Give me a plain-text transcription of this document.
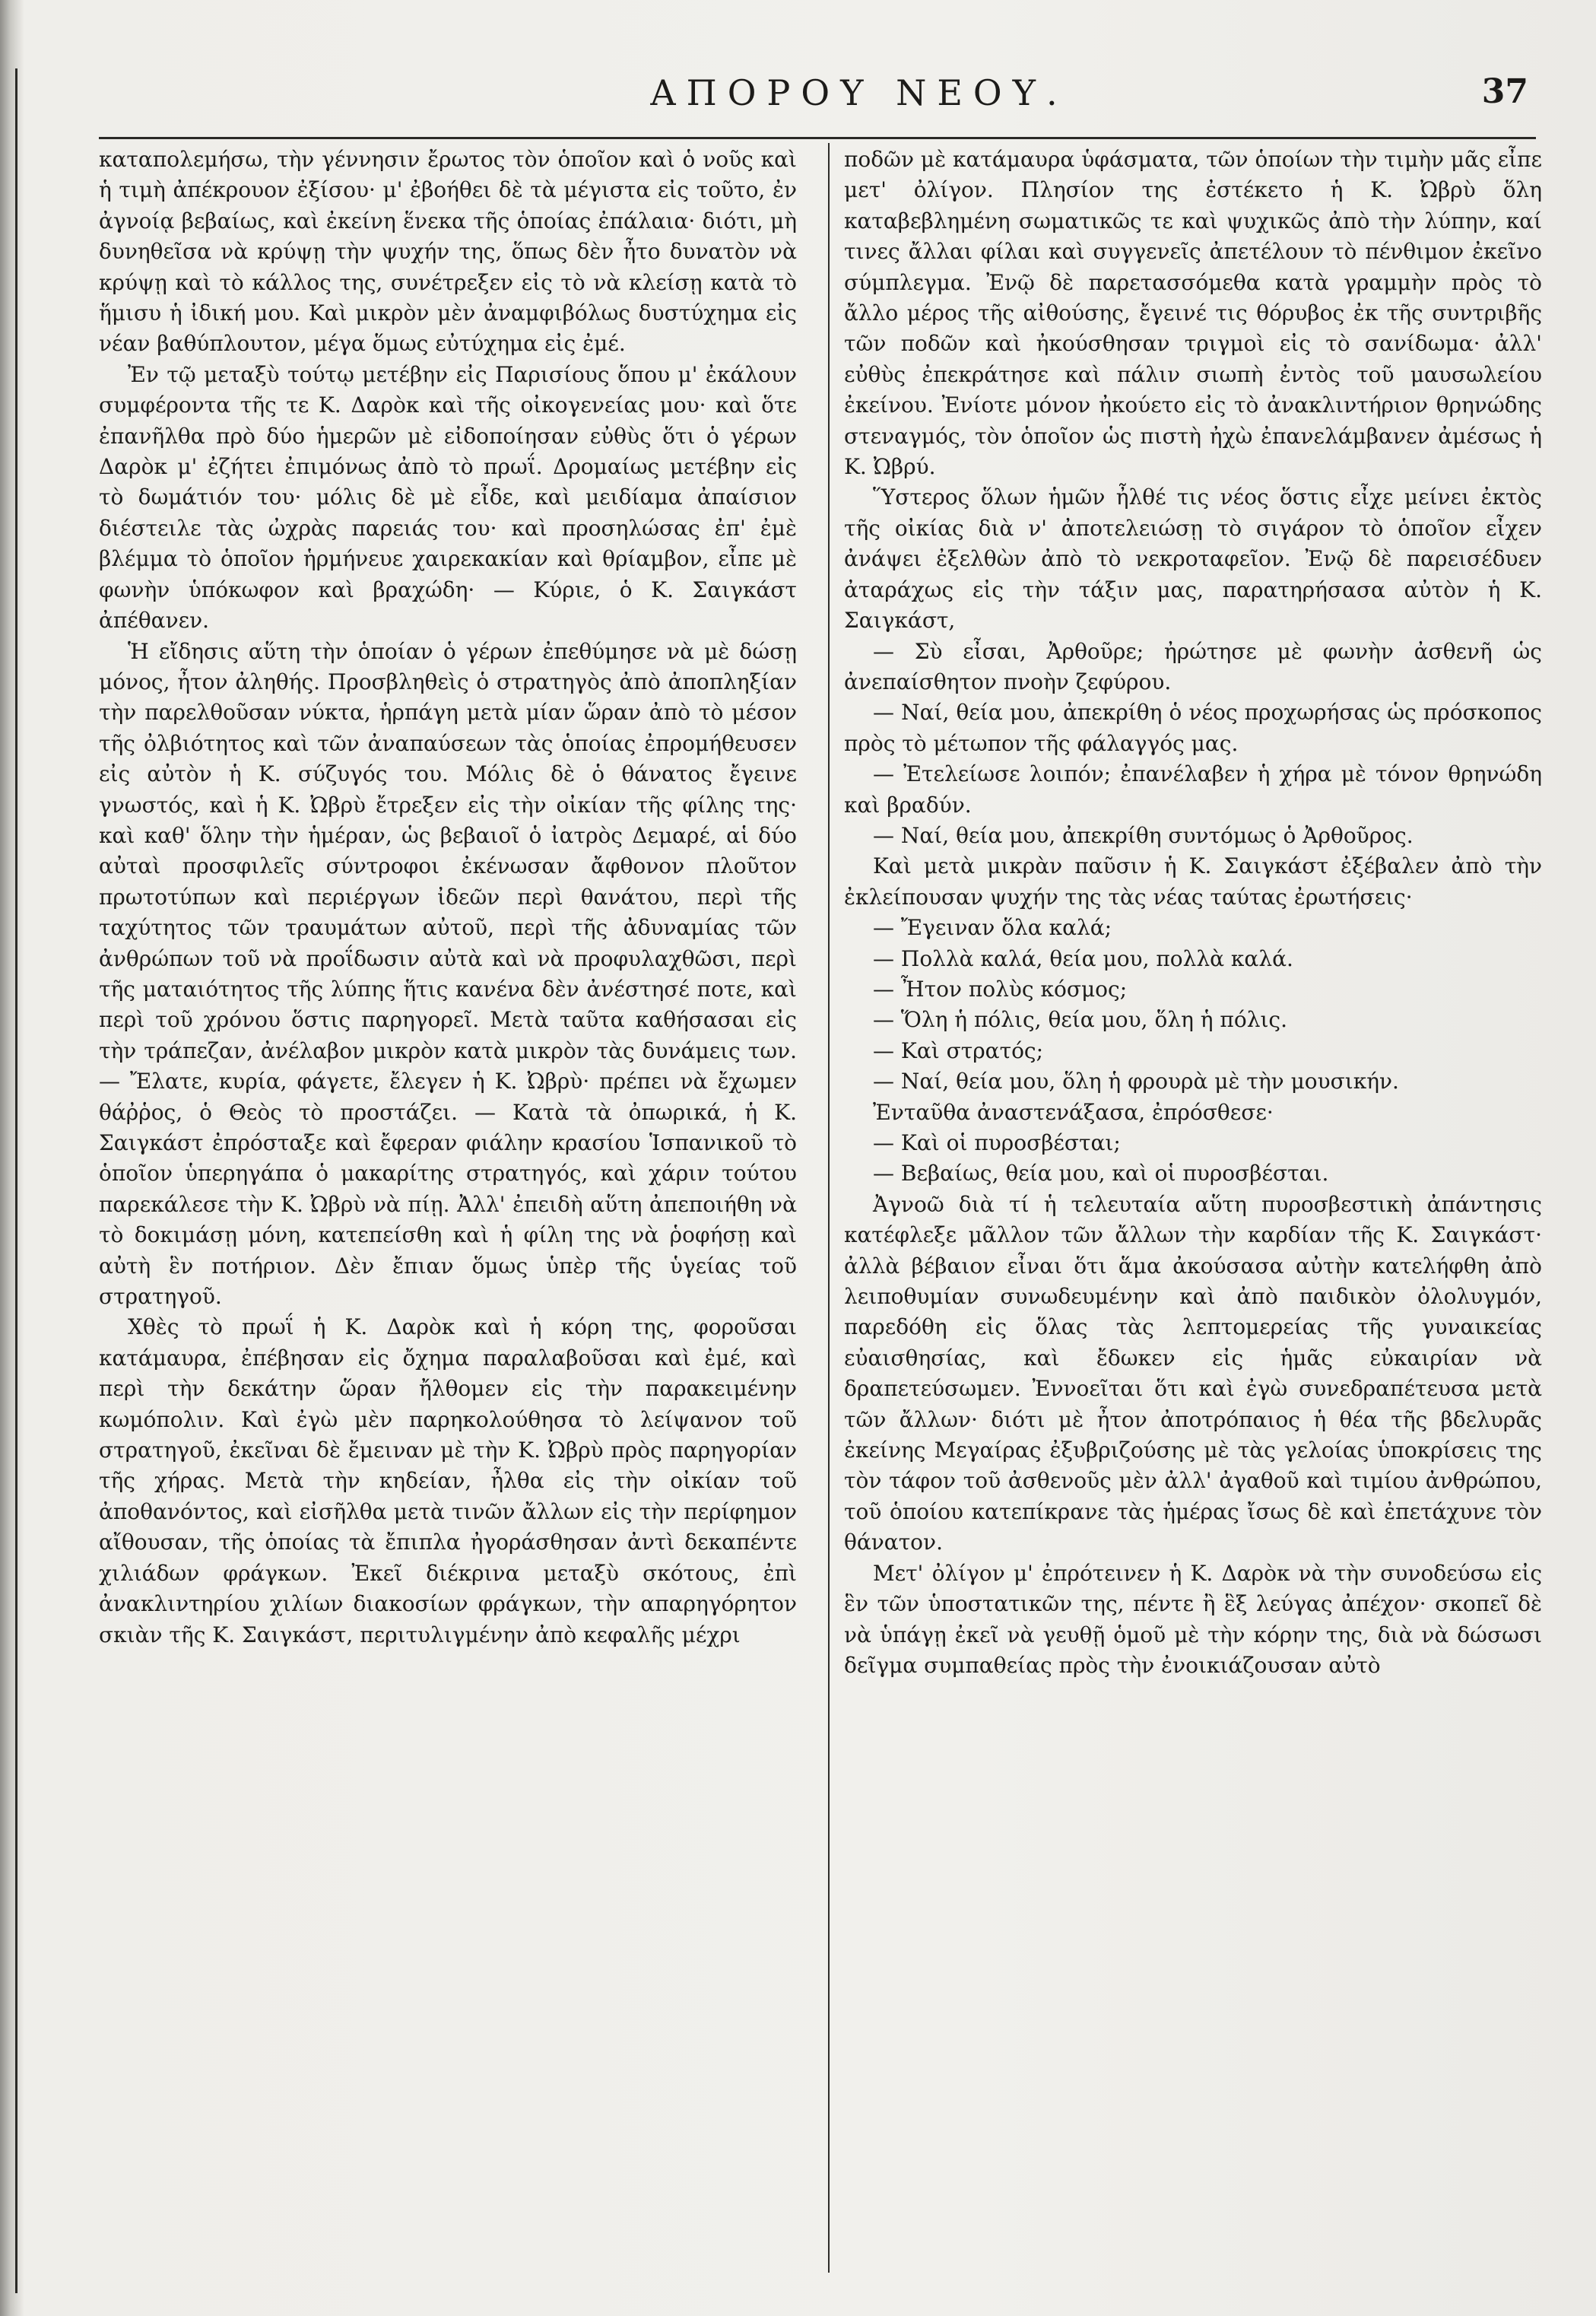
ΑΠΟΡΟΥ ΝΕΟΥ.	37

καταπολεμήσω, τὴν γέννησιν ἔρωτος τὸν ὁποῖον καὶ ὁ νοῦς καὶ ἡ τιμὴ ἀπέκρουον ἐξίσου· μ' ἐβοήθει δὲ τὰ μέγιστα εἰς τοῦτο, ἐν ἀγνοίᾳ βεβαίως, καὶ ἐκείνη ἕνεκα τῆς ὁποίας ἐπάλαια· διότι, μὴ δυνηθεῖσα νὰ κρύψῃ τὴν ψυχήν της, ὅπως δὲν ἦτο δυνατὸν νὰ κρύψῃ καὶ τὸ κάλλος της, συνέτρεξεν εἰς τὸ νὰ κλείσῃ κατὰ τὸ ἥμισυ ἡ ἰδική μου. Καὶ μικρὸν μὲν ἀναμφιβόλως δυστύχημα εἰς νέαν βαθύπλουτον, μέγα ὅμως εὐτύχημα εἰς ἐμέ.

Ἐν τῷ μεταξὺ τούτῳ μετέβην εἰς Παρισίους ὅπου μ' ἐκάλουν συμφέροντα τῆς τε Κ. Δαρὸκ καὶ τῆς οἰκογενείας μου· καὶ ὅτε ἐπανῆλθα πρὸ δύο ἡμερῶν μὲ εἰδοποίησαν εὐθὺς ὅτι ὁ γέρων Δαρὸκ μ' ἐζήτει ἐπιμόνως ἀπὸ τὸ πρωΐ. Δρομαίως μετέβην εἰς τὸ δωμάτιόν του· μόλις δὲ μὲ εἶδε, καὶ μειδίαμα ἀπαίσιον διέστειλε τὰς ὠχρὰς παρειάς του· καὶ προσηλώσας ἐπ' ἐμὲ βλέμμα τὸ ὁποῖον ἡρμήνευε χαιρεκακίαν καὶ θρίαμβον, εἶπε μὲ φωνὴν ὑπόκωφον καὶ βραχώδη· — Κύριε, ὁ Κ. Σαιγκάστ ἀπέθανεν.

Ἡ εἴδησις αὕτη τὴν ὁποίαν ὁ γέρων ἐπεθύμησε νὰ μὲ δώσῃ μόνος, ἦτον ἀληθής. Προσβληθεὶς ὁ στρατηγὸς ἀπὸ ἀποπληξίαν τὴν παρελθοῦσαν νύκτα, ἡρπάγη μετὰ μίαν ὥραν ἀπὸ τὸ μέσον τῆς ὀλβιότητος καὶ τῶν ἀναπαύσεων τὰς ὁποίας ἐπρομήθευσεν εἰς αὐτὸν ἡ Κ. σύζυγός του. Μόλις δὲ ὁ θάνατος ἔγεινε γνωστός, καὶ ἡ Κ. Ὠβρὺ ἔτρεξεν εἰς τὴν οἰκίαν τῆς φίλης της· καὶ καθ' ὅλην τὴν ἡμέραν, ὡς βεβαιοῖ ὁ ἰατρὸς Δεμαρέ, αἱ δύο αὐταὶ προσφιλεῖς σύντροφοι ἐκένωσαν ἄφθονον πλοῦτον πρωτοτύπων καὶ περιέργων ἰδεῶν περὶ θανάτου, περὶ τῆς ταχύτητος τῶν τραυμάτων αὐτοῦ, περὶ τῆς ἀδυναμίας τῶν ἀνθρώπων τοῦ νὰ προΐδωσιν αὐτὰ καὶ νὰ προφυλαχθῶσι, περὶ τῆς ματαιότητος τῆς λύπης ἥτις κανένα δὲν ἀνέστησέ ποτε, καὶ περὶ τοῦ χρόνου ὅστις παρηγορεῖ. Μετὰ ταῦτα καθήσασαι εἰς τὴν τράπεζαν, ἀνέλαβον μικρὸν κατὰ μικρὸν τὰς δυνάμεις των. — Ἔλατε, κυρία, φάγετε, ἔλεγεν ἡ Κ. Ὠβρὺ· πρέπει νὰ ἔχωμεν θάῤῥος, ὁ Θεὸς τὸ προστάζει. — Κατὰ τὰ ὀπωρικά, ἡ Κ. Σαιγκάστ ἐπρόσταξε καὶ ἔφεραν φιάλην κρασίου Ἱσπανικοῦ τὸ ὁποῖον ὑπερηγάπα ὁ μακαρίτης στρατηγός, καὶ χάριν τούτου παρεκάλεσε τὴν Κ. Ὠβρὺ νὰ πίῃ. Ἀλλ' ἐπειδὴ αὕτη ἀπεποιήθη νὰ τὸ δοκιμάσῃ μόνη, κατεπείσθη καὶ ἡ φίλη της νὰ ῥοφήσῃ καὶ αὐτὴ ἓν ποτήριον. Δὲν ἔπιαν ὅμως ὑπὲρ τῆς ὑγείας τοῦ στρατηγοῦ.

Χθὲς τὸ πρωΐ ἡ Κ. Δαρὸκ καὶ ἡ κόρη της, φοροῦσαι κατάμαυρα, ἐπέβησαν εἰς ὄχημα παραλαβοῦσαι καὶ ἐμέ, καὶ περὶ τὴν δεκάτην ὥραν ἤλθομεν εἰς τὴν παρακειμένην κωμόπολιν. Καὶ ἐγὼ μὲν παρηκολούθησα τὸ λείψανον τοῦ στρατηγοῦ, ἐκεῖναι δὲ ἔμειναν μὲ τὴν Κ. Ὠβρὺ πρὸς παρηγορίαν τῆς χήρας. Μετὰ τὴν κηδείαν, ἦλθα εἰς τὴν οἰκίαν τοῦ ἀποθανόντος, καὶ εἰσῆλθα μετὰ τινῶν ἄλλων εἰς τὴν περίφημον αἴθουσαν, τῆς ὁποίας τὰ ἔπιπλα ἠγοράσθησαν ἀντὶ δεκαπέντε χιλιάδων φράγκων. Ἐκεῖ διέκρινα μεταξὺ σκότους, ἐπὶ ἀνακλιντηρίου χιλίων διακοσίων φράγκων, τὴν απαρηγόρητον σκιὰν τῆς Κ. Σαιγκάστ, περιτυλιγμένην ἀπὸ κεφαλῆς μέχρι

ποδῶν μὲ κατάμαυρα ὑφάσματα, τῶν ὁποίων τὴν τιμὴν μᾶς εἶπε μετ' ὀλίγον. Πλησίον της ἐστέκετο ἡ Κ. Ὠβρὺ ὅλη καταβεβλημένη σωματικῶς τε καὶ ψυχικῶς ἀπὸ τὴν λύπην, καί τινες ἄλλαι φίλαι καὶ συγγενεῖς ἀπετέλουν τὸ πένθιμον ἐκεῖνο σύμπλεγμα. Ἐνῷ δὲ παρετασσόμεθα κατὰ γραμμὴν πρὸς τὸ ἄλλο μέρος τῆς αἰθούσης, ἔγεινέ τις θόρυβος ἐκ τῆς συντριβῆς τῶν ποδῶν καὶ ἠκούσθησαν τριγμοὶ εἰς τὸ σανίδωμα· ἀλλ' εὐθὺς ἐπεκράτησε καὶ πάλιν σιωπὴ ἐντὸς τοῦ μαυσωλείου ἐκείνου. Ἐνίοτε μόνον ἠκούετο εἰς τὸ ἀνακλιντήριον θρηνώδης στεναγμός, τὸν ὁποῖον ὡς πιστὴ ἠχὼ ἐπανελάμβανεν ἀμέσως ἡ Κ. Ὠβρύ.

Ὕστερος ὅλων ἡμῶν ἦλθέ τις νέος ὅστις εἶχε μείνει ἐκτὸς τῆς οἰκίας διὰ ν' ἀποτελειώσῃ τὸ σιγάρον τὸ ὁποῖον εἶχεν ἀνάψει ἐξελθὼν ἀπὸ τὸ νεκροταφεῖον. Ἐνῷ δὲ παρεισέδυεν ἀταράχως εἰς τὴν τάξιν μας, παρατηρήσασα αὐτὸν ἡ Κ. Σαιγκάστ,

— Σὺ εἶσαι, Ἀρθοῦρε; ἠρώτησε μὲ φωνὴν ἀσθενῆ ὡς ἀνεπαίσθητον πνοὴν ζεφύρου.

— Ναί, θεία μου, ἀπεκρίθη ὁ νέος προχωρήσας ὡς πρόσκοπος πρὸς τὸ μέτωπον τῆς φάλαγγός μας.

— Ἐτελείωσε λοιπόν; ἐπανέλαβεν ἡ χήρα μὲ τόνον θρηνώδη καὶ βραδύν.

— Ναί, θεία μου, ἀπεκρίθη συντόμως ὁ Ἀρθοῦρος.

Καὶ μετὰ μικρὰν παῦσιν ἡ Κ. Σαιγκάστ ἐξέβαλεν ἀπὸ τὴν ἐκλείπουσαν ψυχήν της τὰς νέας ταύτας ἐρωτήσεις·

— Ἔγειναν ὅλα καλά;

— Πολλὰ καλά, θεία μου, πολλὰ καλά.

— Ἦτον πολὺς κόσμος;

— Ὅλη ἡ πόλις, θεία μου, ὅλη ἡ πόλις.

— Καὶ στρατός;

— Ναί, θεία μου, ὅλη ἡ φρουρὰ μὲ τὴν μουσικήν.

Ἐνταῦθα ἀναστενάξασα, ἐπρόσθεσε·

— Καὶ οἱ πυροσβέσται;

— Βεβαίως, θεία μου, καὶ οἱ πυροσβέσται.

Ἀγνοῶ διὰ τί ἡ τελευταία αὕτη πυροσβεστικὴ ἀπάντησις κατέφλεξε μᾶλλον τῶν ἄλλων τὴν καρδίαν τῆς Κ. Σαιγκάστ· ἀλλὰ βέβαιον εἶναι ὅτι ἅμα ἀκούσασα αὐτὴν κατελήφθη ἀπὸ λειποθυμίαν συνωδευμένην καὶ ἀπὸ παιδικὸν ὀλολυγμόν, παρεδόθη εἰς ὅλας τὰς λεπτομερείας τῆς γυναικείας εὐαισθησίας, καὶ ἔδωκεν εἰς ἡμᾶς εὐκαιρίαν νὰ δραπετεύσωμεν. Ἐννοεῖται ὅτι καὶ ἐγὼ συνεδραπέτευσα μετὰ τῶν ἄλλων· διότι μὲ ἦτον ἀποτρόπαιος ἡ θέα τῆς βδελυρᾶς ἐκείνης Μεγαίρας ἐξυβριζούσης μὲ τὰς γελοίας ὑποκρίσεις της τὸν τάφον τοῦ ἀσθενοῦς μὲν ἀλλ' ἀγαθοῦ καὶ τιμίου ἀνθρώπου, τοῦ ὁποίου κατεπίκρανε τὰς ἡμέρας ἴσως δὲ καὶ ἐπετάχυνε τὸν θάνατον.

Μετ' ὀλίγον μ' ἐπρότεινεν ἡ Κ. Δαρὸκ νὰ τὴν συνοδεύσω εἰς ἓν τῶν ὑποστατικῶν της, πέντε ἢ ἓξ λεύγας ἀπέχον· σκοπεῖ δὲ νὰ ὑπάγῃ ἐκεῖ νὰ γευθῇ ὁμοῦ μὲ τὴν κόρην της, διὰ νὰ δώσωσι δεῖγμα συμπαθείας πρὸς τὴν ἐνοικιάζουσαν αὐτὸ
